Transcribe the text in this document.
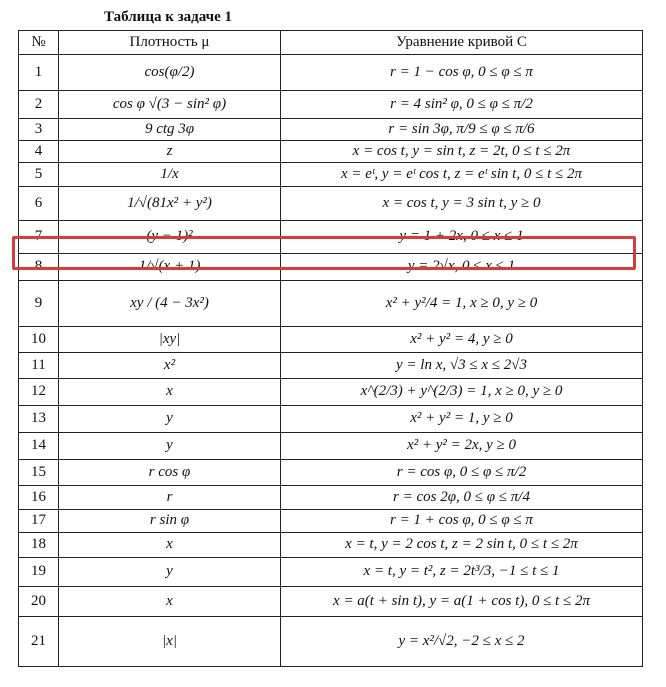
Таблица к задаче 1
№	Плотность μ	Уравнение кривой C
1	cos(φ/2)	r = 1 − cos φ, 0 ≤ φ ≤ π
2	cos φ √(3 − sin² φ)	r = 4 sin² φ, 0 ≤ φ ≤ π/2
3	9 ctg 3φ	r = sin 3φ, π/9 ≤ φ ≤ π/6
4	z	x = cos t, y = sin t, z = 2t, 0 ≤ t ≤ 2π
5	1/x	x = eᵗ, y = eᵗ cos t, z = eᵗ sin t, 0 ≤ t ≤ 2π
6	1/√(81x² + y²)	x = cos t, y = 3 sin t, y ≥ 0
7	(y − 1)²	y = 1 + 2x, 0 ≤ x ≤ 1
8	1/√(x + 1)	y = 2√x, 0 ≤ x ≤ 1
9	xy / (4 − 3x²)	x² + y²/4 = 1, x ≥ 0, y ≥ 0
10	|xy|	x² + y² = 4, y ≥ 0
11	x²	y = ln x, √3 ≤ x ≤ 2√3
12	x	x^(2/3) + y^(2/3) = 1, x ≥ 0, y ≥ 0
13	y	x² + y² = 1, y ≥ 0
14	y	x² + y² = 2x, y ≥ 0
15	r cos φ	r = cos φ, 0 ≤ φ ≤ π/2
16	r	r = cos 2φ, 0 ≤ φ ≤ π/4
17	r sin φ	r = 1 + cos φ, 0 ≤ φ ≤ π
18	x	x = t, y = 2 cos t, z = 2 sin t, 0 ≤ t ≤ 2π
19	y	x = t, y = t², z = 2t³/3, −1 ≤ t ≤ 1
20	x	x = a(t + sin t), y = a(1 + cos t), 0 ≤ t ≤ 2π
21	|x|	y = x²/√2, −2 ≤ x ≤ 2
